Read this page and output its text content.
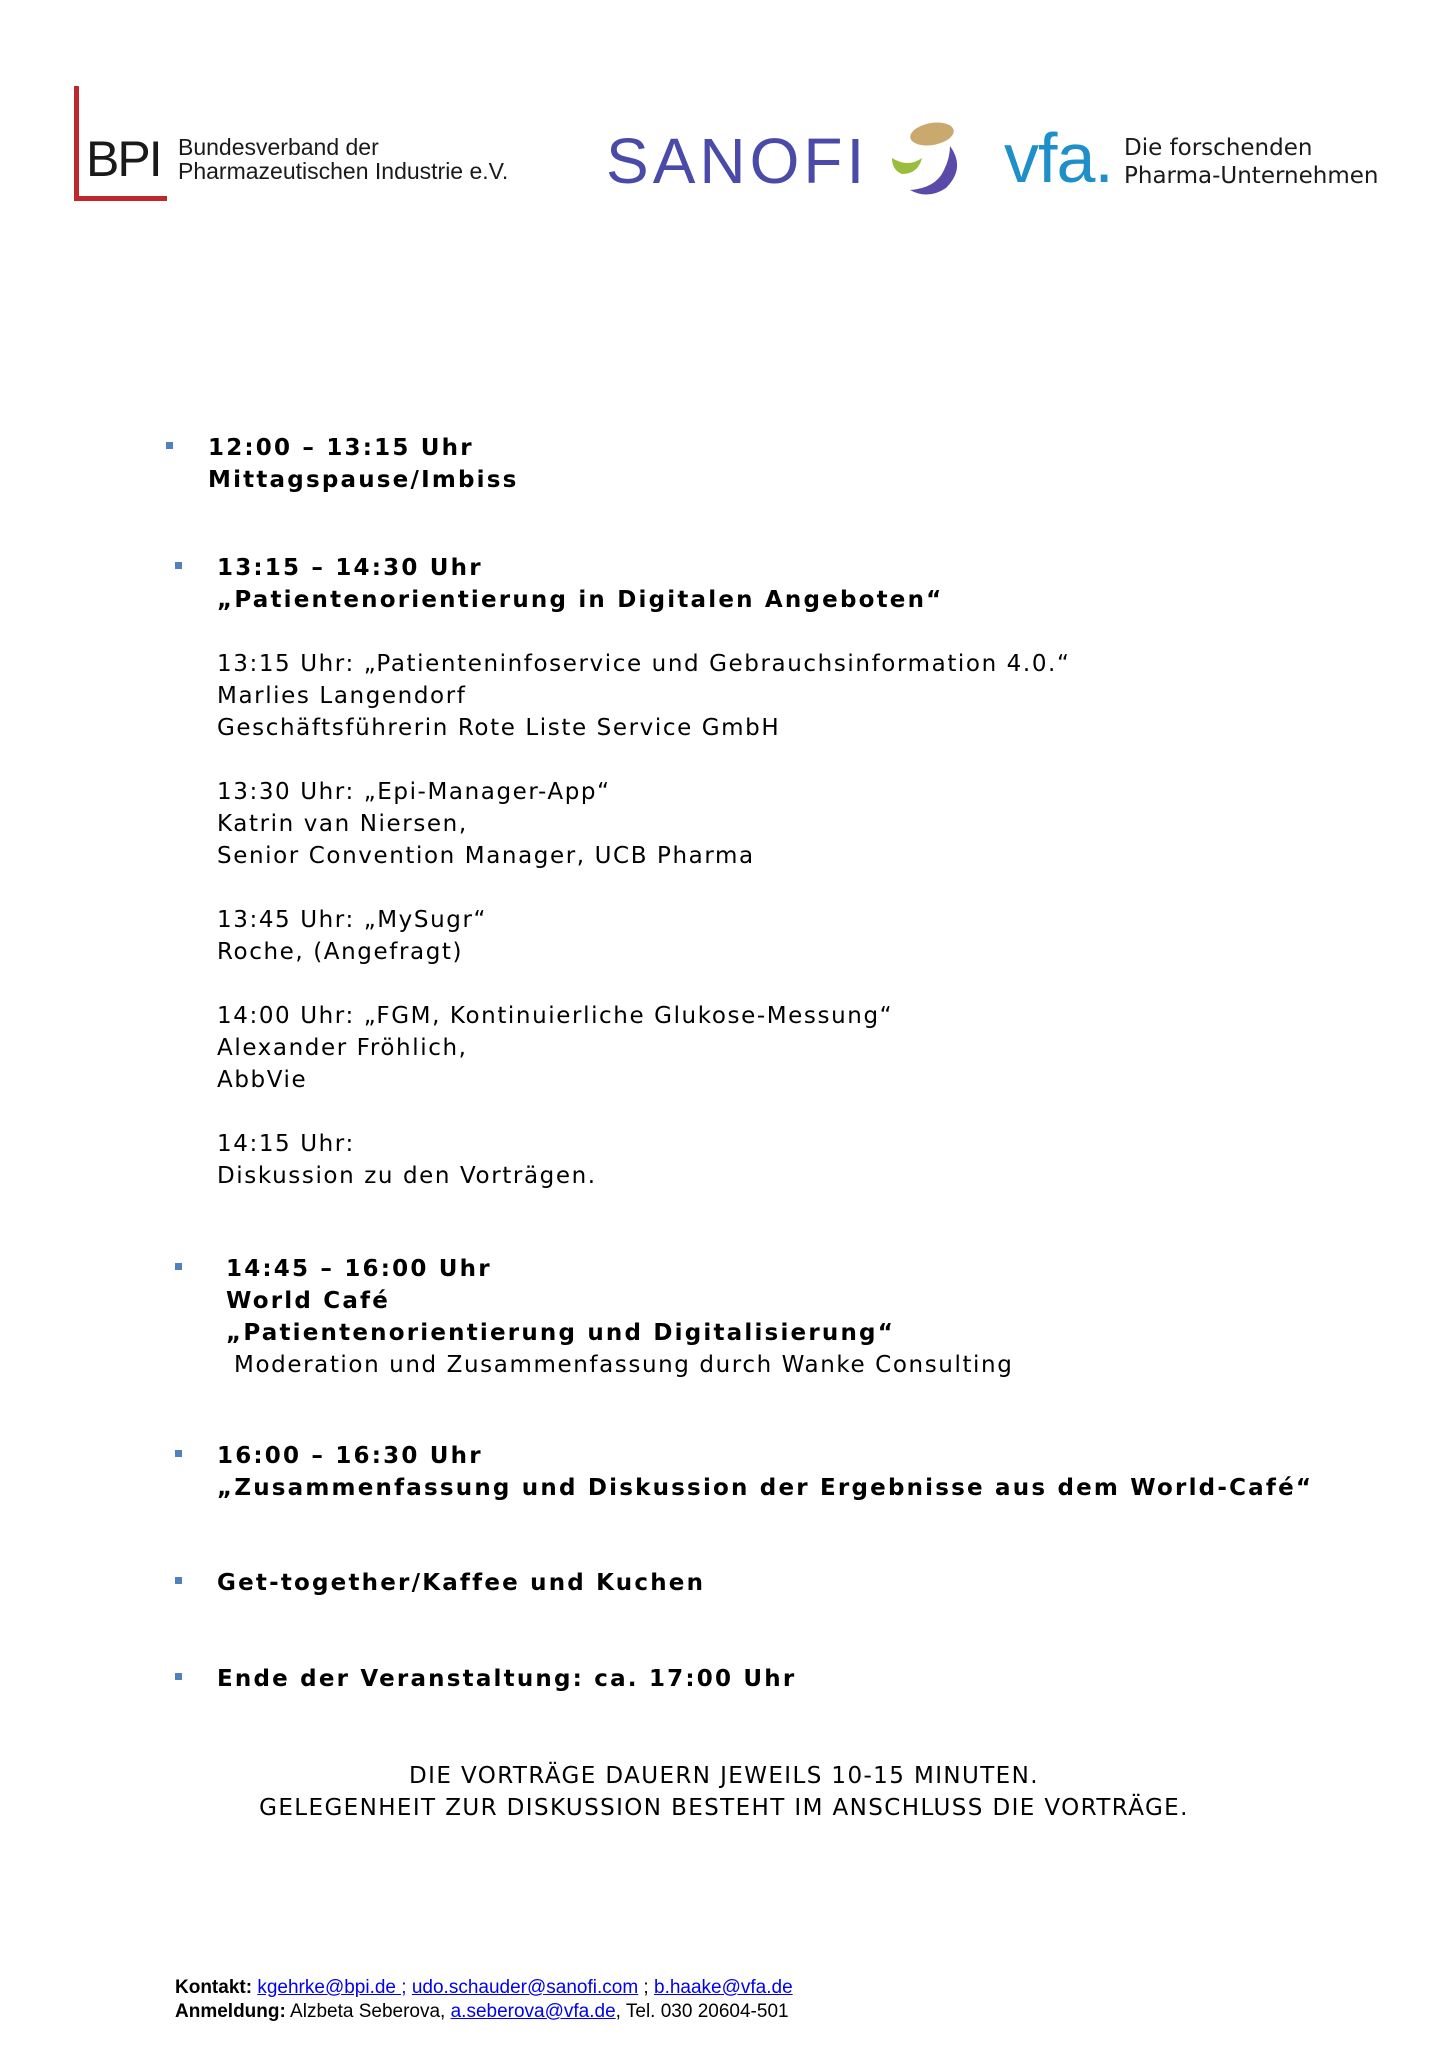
BPI Bundesverband der
Pharmazeutischen Industrie e.V. SANOFI vfa. Die forschenden
Pharma-Unternehmen
12:00 – 13:15 Uhr
Mittagspause/Imbiss
13:15 – 14:30 Uhr
„Patientenorientierung in Digitalen Angeboten“
13:15 Uhr: „Patienteninfoservice und Gebrauchsinformation 4.0.“
Marlies Langendorf
Geschäftsführerin Rote Liste Service GmbH
13:30 Uhr: „Epi-Manager-App“
Katrin van Niersen,
Senior Convention Manager, UCB Pharma
13:45 Uhr: „MySugr“
Roche, (Angefragt)
14:00 Uhr: „FGM, Kontinuierliche Glukose-Messung“
Alexander Fröhlich,
AbbVie
14:15 Uhr:
Diskussion zu den Vorträgen.
14:45 – 16:00 Uhr
World Café
„Patientenorientierung und Digitalisierung“
Moderation und Zusammenfassung durch Wanke Consulting
16:00 – 16:30 Uhr
„Zusammenfassung und Diskussion der Ergebnisse aus dem World-Café“
Get-together/Kaffee und Kuchen
Ende der Veranstaltung: ca. 17:00 Uhr
DIE VORTRÄGE DAUERN JEWEILS 10-15 MINUTEN.
GELEGENHEIT ZUR DISKUSSION BESTEHT IM ANSCHLUSS DIE VORTRÄGE.
Kontakt: kgehrke@bpi.de ; udo.schauder@sanofi.com ; b.haake@vfa.de
Anmeldung: Alzbeta Seberova, a.seberova@vfa.de, Tel. 030 20604-501
